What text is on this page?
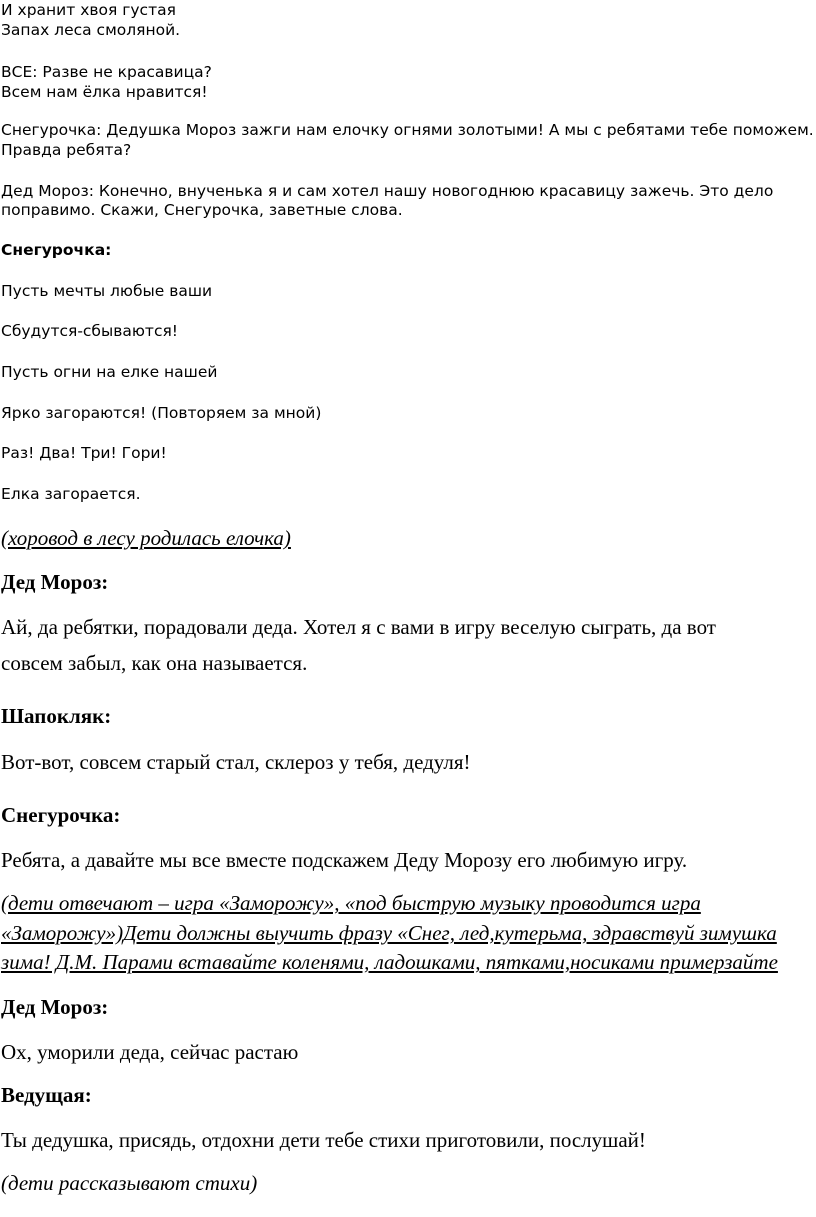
И хранит хвоя густая

Запах леса смоляной.

ВСЕ: Разве не красавица?

Всем нам ёлка нравится!

Снегурочка: Дедушка Мороз зажги нам елочку огнями золотыми! А мы с ребятами тебе поможем.

Правда ребята?

Дед Мороз: Конечно, внученька я и сам хотел нашу новогоднюю красавицу зажечь. Это дело

поправимо. Скажи, Снегурочка, заветные слова.

Снегурочка:

Пусть мечты любые ваши

Сбудутся-сбываются!

Пусть огни на елке нашей

Ярко загораются! (Повторяем за мной)

Раз! Два! Три! Гори!

Елка загорается.

(хоровод в лесу родилась елочка)

Дед Мороз:

Ай, да ребятки, порадовали деда. Хотел я с вами в игру веселую сыграть, да вот

совсем забыл, как она называется.

Шапокляк:

Вот-вот, совсем старый стал, склероз у тебя, дедуля!

Снегурочка:

Ребята, а давайте мы все вместе подскажем Деду Морозу его любимую игру.

(дети отвечают – игра «Заморожу», «под быструю музыку проводится игра

«Заморожу»)Дети должны выучить фразу «Снег, лед,кутерьма, здравствуй зимушка

зима! Д.М. Парами вставайте коленями, ладошками, пятками,носиками примерзайте

Дед Мороз:

Ох, уморили деда, сейчас растаю

Ведущая:

Ты дедушка, присядь, отдохни дети тебе стихи приготовили, послушай!

(дети рассказывают стихи)
